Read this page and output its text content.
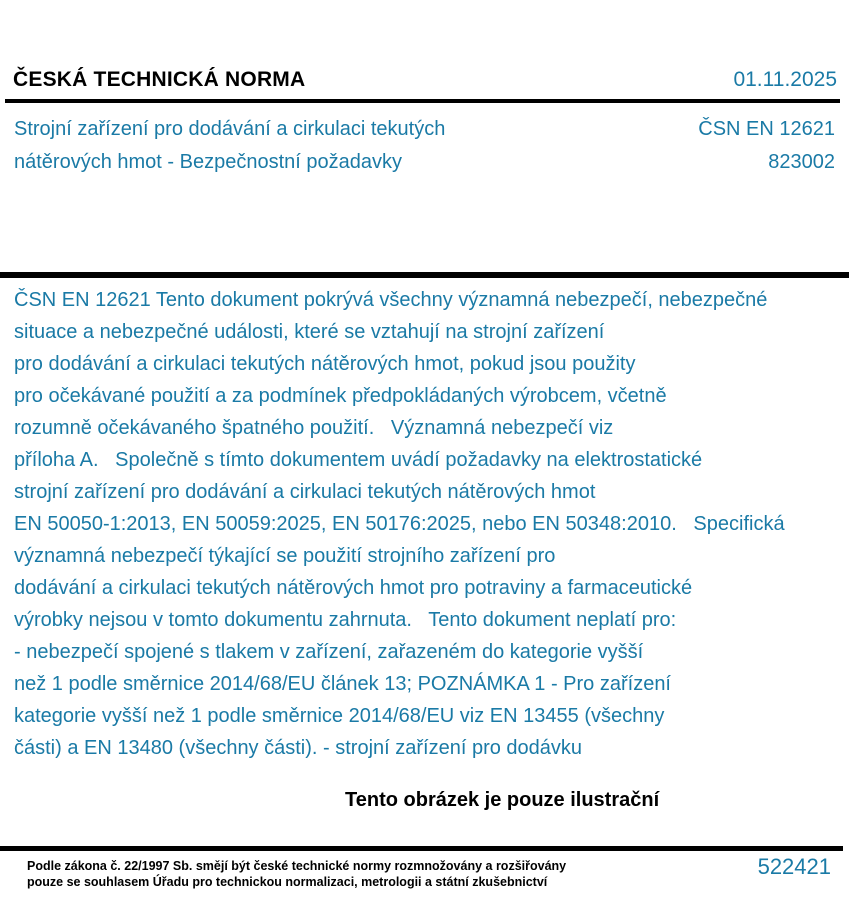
ČESKÁ TECHNICKÁ NORMA	01.11.2025
Strojní zařízení pro dodávání a cirkulaci tekutých
nátěrových hmot - Bezpečnostní požadavky
ČSN EN 12621
823002
ČSN EN 12621 Tento dokument pokrývá všechny významná nebezpečí, nebezpečné
situace a nebezpečné události, které se vztahují na strojní zařízení
pro dodávání a cirkulaci tekutých nátěrových hmot, pokud jsou použity
pro očekávané použití a za podmínek předpokládaných výrobcem, včetně
rozumně očekávaného špatného použití.   Významná nebezpečí viz
příloha A.   Společně s tímto dokumentem uvádí požadavky na elektrostatické
strojní zařízení pro dodávání a cirkulaci tekutých nátěrových hmot
EN 50050-1:2013, EN 50059:2025, EN 50176:2025, nebo EN 50348:2010.   Specifická
významná nebezpečí týkající se použití strojního zařízení pro
dodávání a cirkulaci tekutých nátěrových hmot pro potraviny a farmaceutické
výrobky nejsou v tomto dokumentu zahrnuta.   Tento dokument neplatí pro:
- nebezpečí spojené s tlakem v zařízení, zařazeném do kategorie vyšší
než 1 podle směrnice 2014/68/EU článek 13; POZNÁMKA 1 - Pro zařízení
kategorie vyšší než 1 podle směrnice 2014/68/EU viz EN 13455 (všechny
části) a EN 13480 (všechny části). - strojní zařízení pro dodávku
Tento obrázek je pouze ilustrační
Podle zákona č. 22/1997 Sb. smějí být české technické normy rozmnožovány a rozšiřovány
pouze se souhlasem Úřadu pro technickou normalizaci, metrologii a státní zkušebnictví
522421
